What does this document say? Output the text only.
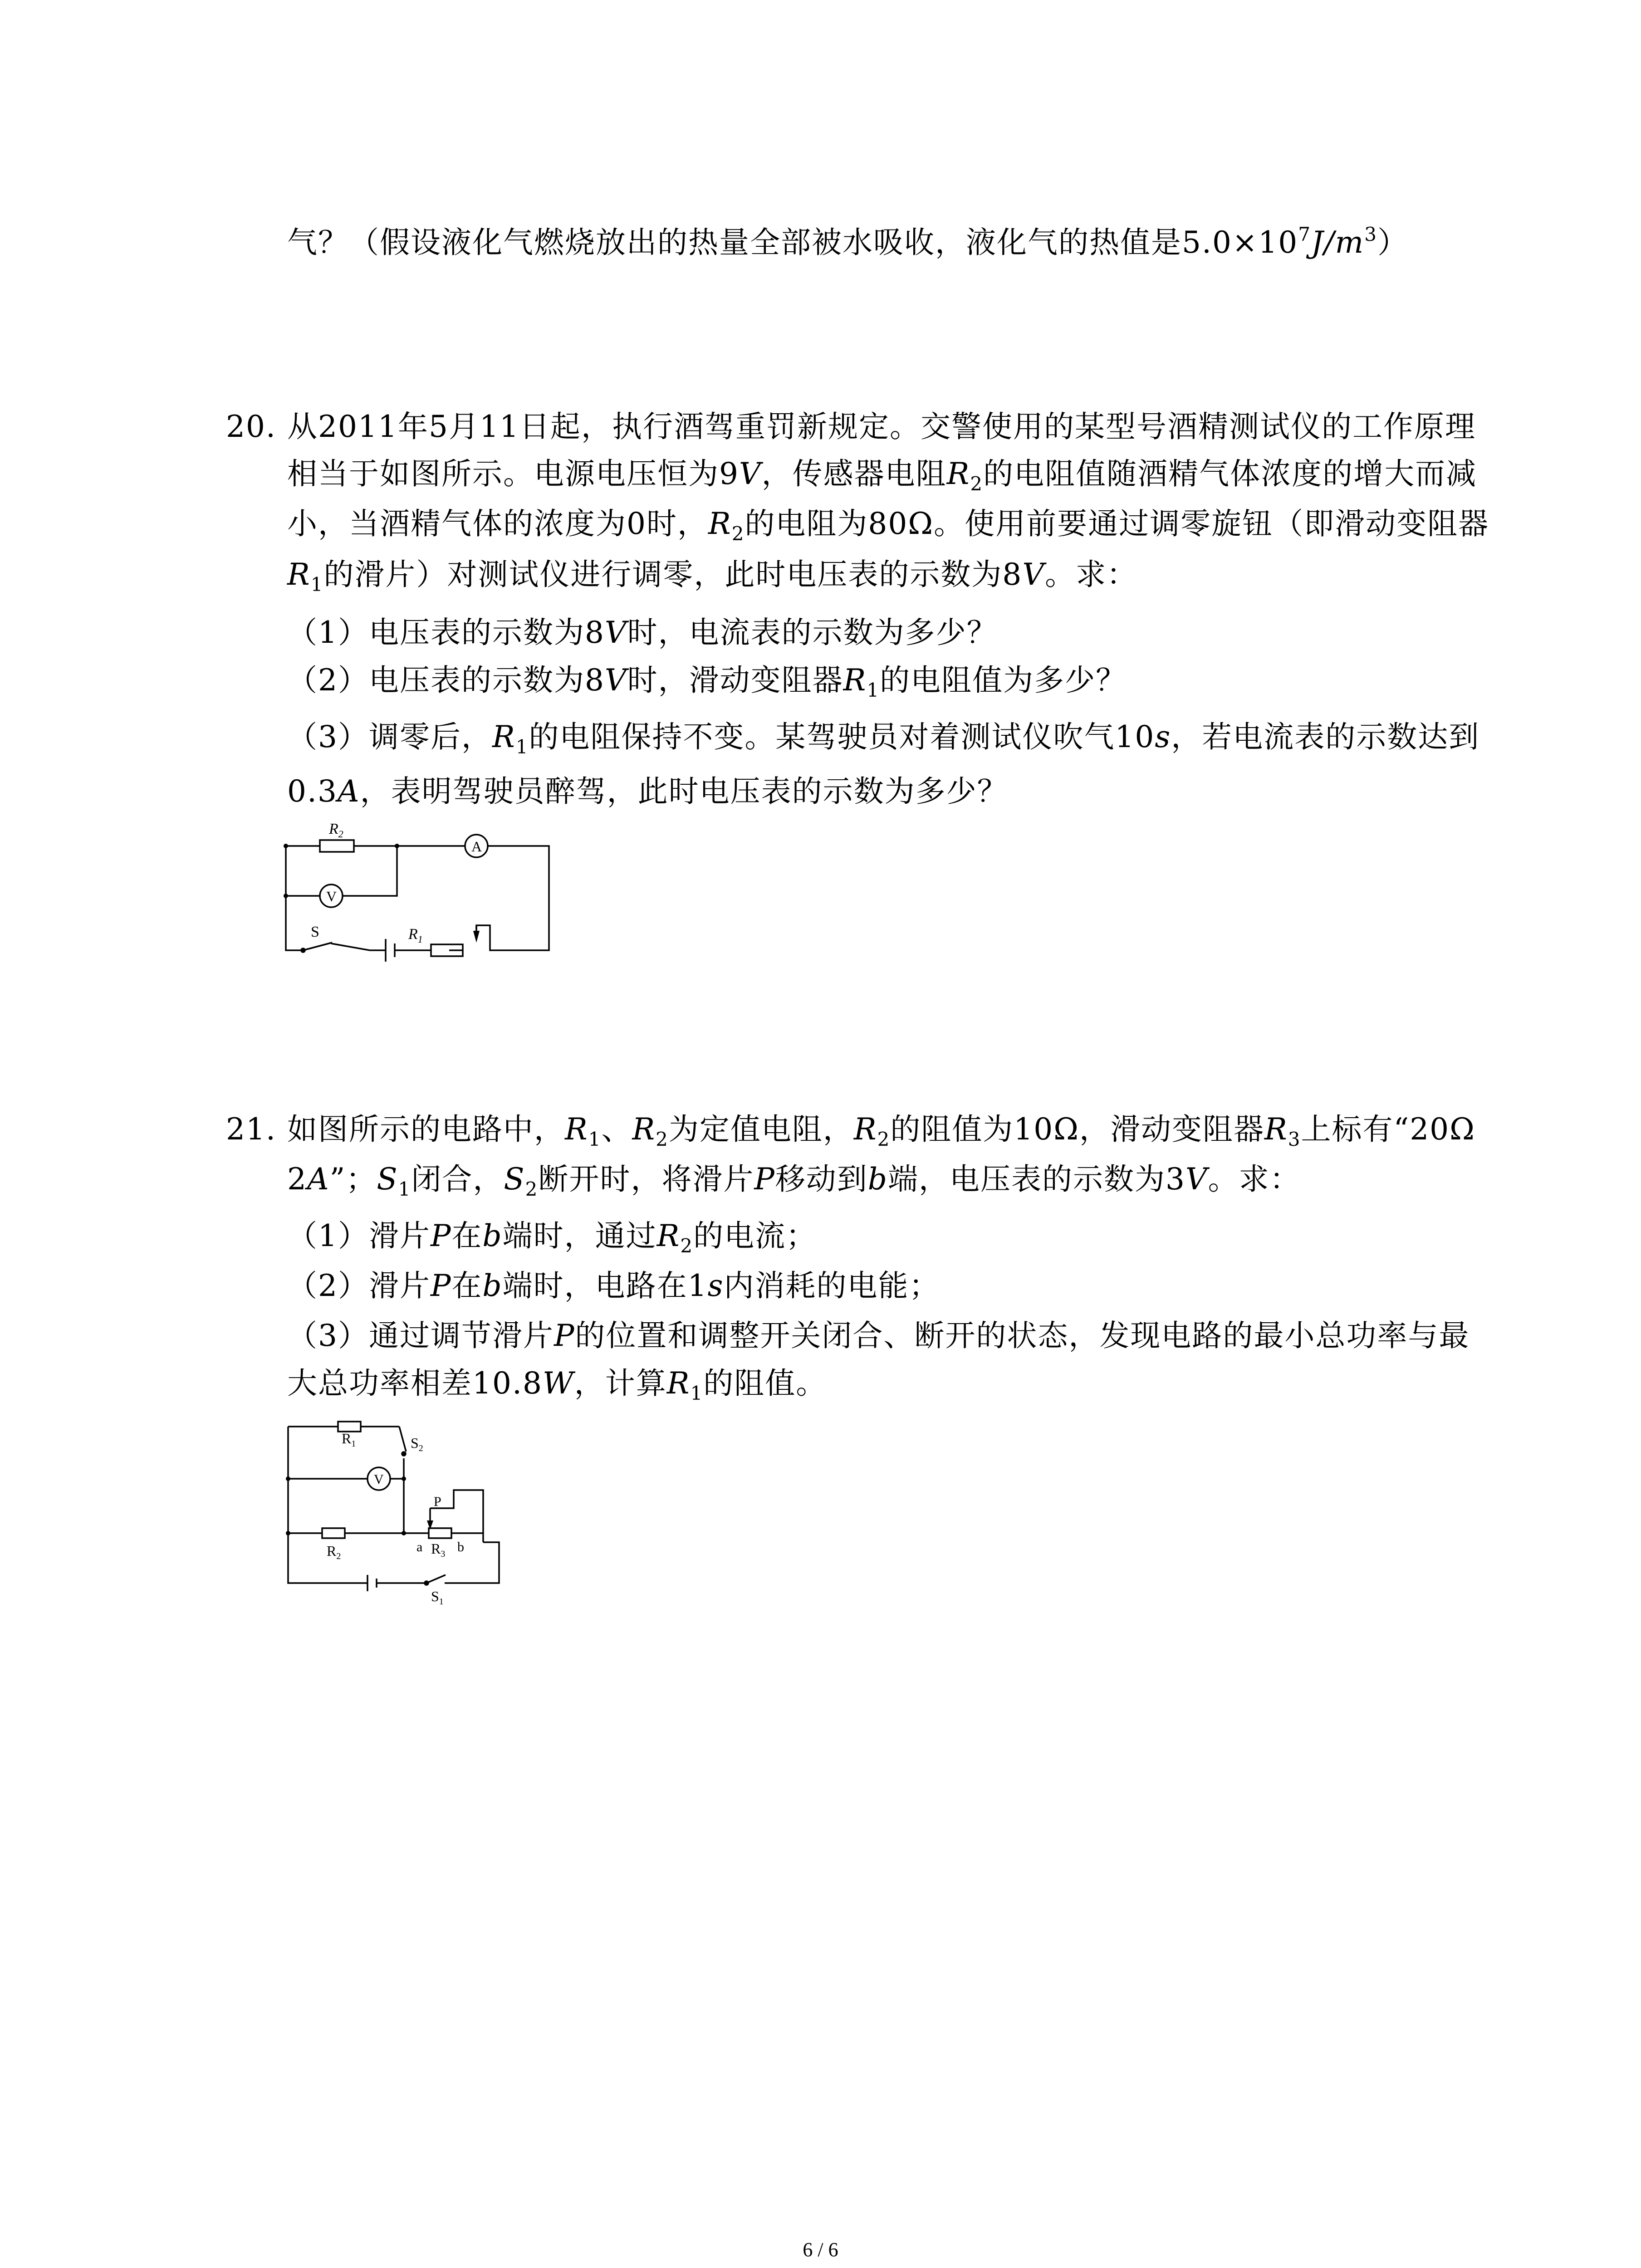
气？（假设液化气燃烧放出的热量全部被水吸收，液化气的热值是$5.0\times 10^7J/m^3$）
20. 从2011年5月11日起，执行酒驾重罚新规定。交警使用的某型号酒精测试仪的工作原理
相当于如图所示。电源电压恒为9V，传感器电阻$R_2$的电阻值随酒精气体浓度的增大而减
小，当酒精气体的浓度为0时，$R_2$的电阻为80Ω。使用前要通过调零旋钮（即滑动变阻器
$R_1$的滑片）对测试仪进行调零，此时电压表的示数为8V。求：
（1）电压表的示数为8V时，电流表的示数为多少？
（2）电压表的示数为8V时，滑动变阻器$R_1$的电阻值为多少？
（3）调零后，$R_1$的电阻保持不变。某驾驶员对着测试仪吹气10s，若电流表的示数达到
0.3A，表明驾驶员醉驾，此时电压表的示数为多少？
$R_2$
V
A
S	$R_1$
21. 如图所示的电路中，$R_1$、$R_2$为定值电阻，$R_2$的阻值为10Ω，滑动变阻器$R_3$上标有“20Ω
2A”；$S_1$闭合，$S_2$断开时，将滑片P移动到b端，电压表的示数为3V。求：
（1）滑片P在b端时，通过$R_2$的电流；
（2）滑片P在b端时，电路在1s内消耗的电能；
（3）通过调节滑片P的位置和调整开关闭合、断开的状态，发现电路的最小总功率与最
大总功率相差10.8W，计算$R_1$的阻值。
$R_1$	$S_2$
V
P
$R_2$
a $R_3$ b
$S_1$
6 / 6
